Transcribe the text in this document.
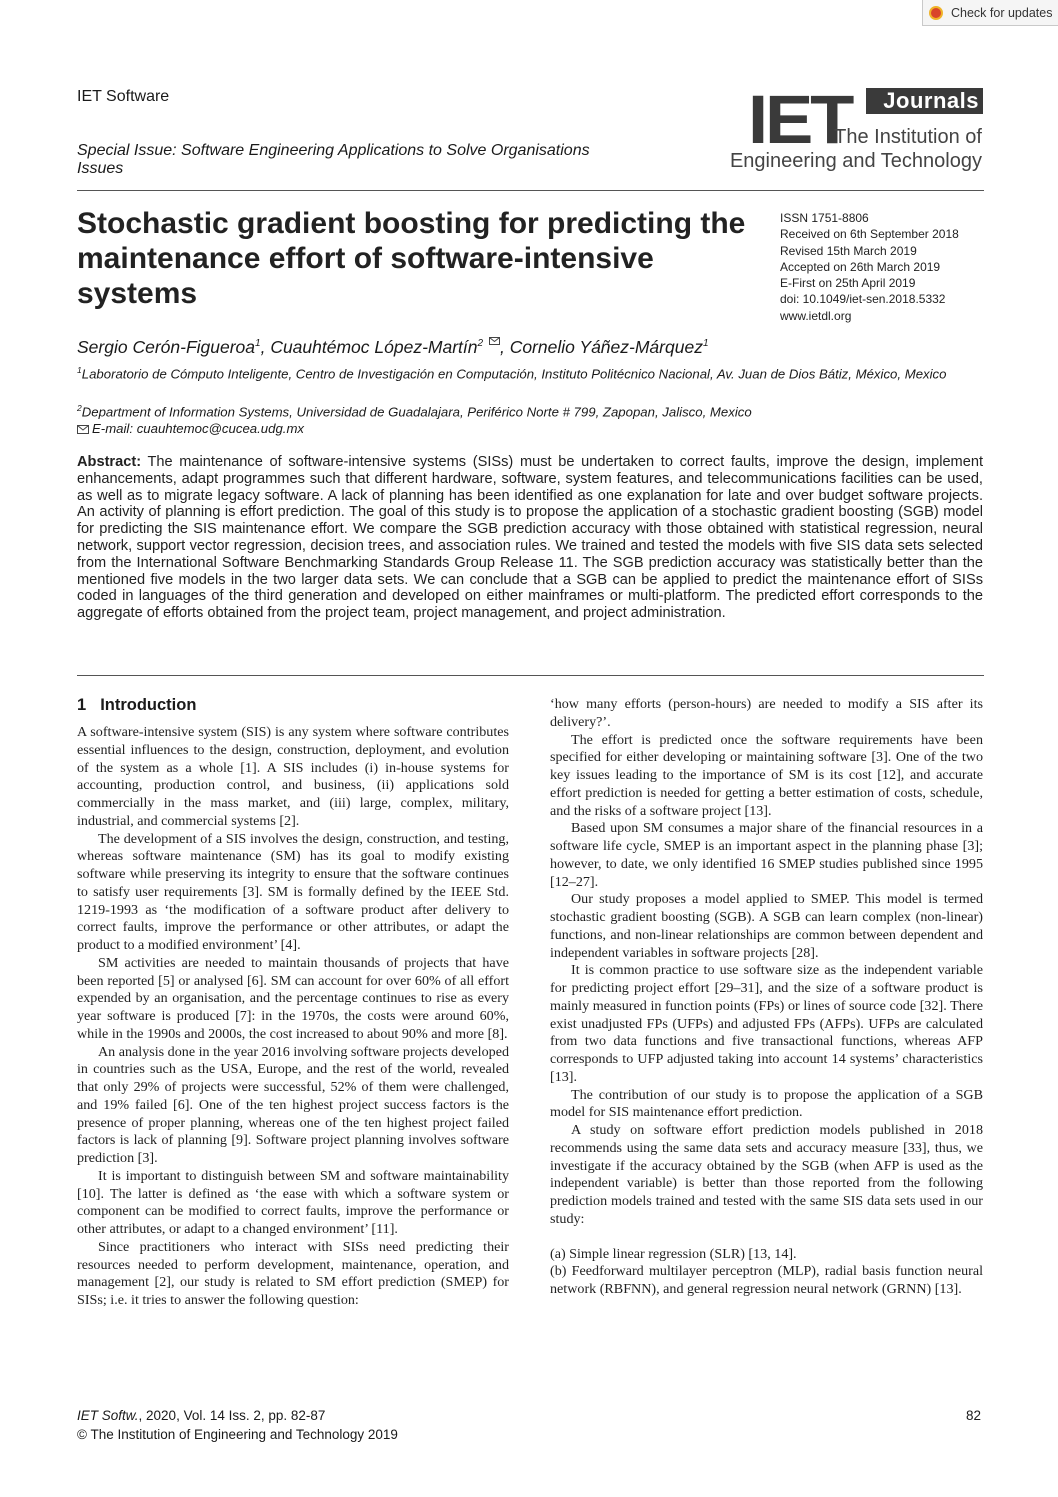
Check for updates
IET Software
Special Issue: Software Engineering Applications to Solve Organisations Issues
IET	Journals
The Institution of
Engineering and Technology
Stochastic gradient boosting for predicting the maintenance effort of software-intensive systems
ISSN 1751-8806
Received on 6th September 2018
Revised 15th March 2019
Accepted on 26th March 2019
E-First on 25th April 2019
doi: 10.1049/iet-sen.2018.5332
www.ietdl.org
Sergio Cerón-Figueroa$^1$, Cuauhtémoc López-Martín$^2$ , Cornelio Yáñez-Márquez$^1$
$^1$Laboratorio de Cómputo Inteligente, Centro de Investigación en Computación, Instituto Politécnico Nacional, Av. Juan de Dios Bátiz, México, Mexico
$^2$Department of Information Systems, Universidad de Guadalajara, Periférico Norte # 799, Zapopan, Jalisco, Mexico
E-mail: cuauhtemoc@cucea.udg.mx
Abstract: The maintenance of software-intensive systems (SISs) must be undertaken to correct faults, improve the design, implement enhancements, adapt programmes such that different hardware, software, system features, and telecommunications facilities can be used, as well as to migrate legacy software. A lack of planning has been identified as one explanation for late and over budget software projects. An activity of planning is effort prediction. The goal of this study is to propose the application of a stochastic gradient boosting (SGB) model for predicting the SIS maintenance effort. We compare the SGB prediction accuracy with those obtained with statistical regression, neural network, support vector regression, decision trees, and association rules. We trained and tested the models with five SIS data sets selected from the International Software Benchmarking Standards Group Release 11. The SGB prediction accuracy was statistically better than the mentioned five models in the two larger data sets. We can conclude that a SGB can be applied to predict the maintenance effort of SISs coded in languages of the third generation and developed on either mainframes or multi-platform. The predicted effort corresponds to the aggregate of efforts obtained from the project team, project management, and project administration.
1 Introduction

A software-intensive system (SIS) is any system where software contributes essential influences to the design, construction, deployment, and evolution of the system as a whole [1]. A SIS includes (i) in-house systems for accounting, production control, and business, (ii) applications sold commercially in the mass market, and (iii) large, complex, military, industrial, and commercial systems [2].

The development of a SIS involves the design, construction, and testing, whereas software maintenance (SM) has its goal to modify existing software while preserving its integrity to ensure that the software continues to satisfy user requirements [3]. SM is formally defined by the IEEE Std. 1219-1993 as ‘the modification of a software product after delivery to correct faults, improve the performance or other attributes, or adapt the product to a modified environment’ [4].

SM activities are needed to maintain thousands of projects that have been reported [5] or analysed [6]. SM can account for over 60% of all effort expended by an organisation, and the percentage continues to rise as every year software is produced [7]: in the 1970s, the costs were around 60%, while in the 1990s and 2000s, the cost increased to about 90% and more [8].

An analysis done in the year 2016 involving software projects developed in countries such as the USA, Europe, and the rest of the world, revealed that only 29% of projects were successful, 52% of them were challenged, and 19% failed [6]. One of the ten highest project success factors is the presence of proper planning, whereas one of the ten highest project failed factors is lack of planning [9]. Software project planning involves software prediction [3].

It is important to distinguish between SM and software maintainability [10]. The latter is defined as ‘the ease with which a software system or component can be modified to correct faults, improve the performance or other attributes, or adapt to a changed environment’ [11].

Since practitioners who interact with SISs need predicting their resources needed to perform development, maintenance, operation, and management [2], our study is related to SM effort prediction (SMEP) for SISs; i.e. it tries to answer the following question:

‘how many efforts (person-hours) are needed to modify a SIS after its delivery?’.

The effort is predicted once the software requirements have been specified for either developing or maintaining software [3]. One of the two key issues leading to the importance of SM is its cost [12], and accurate effort prediction is needed for getting a better estimation of costs, schedule, and the risks of a software project [13].

Based upon SM consumes a major share of the financial resources in a software life cycle, SMEP is an important aspect in the planning phase [3]; however, to date, we only identified 16 SMEP studies published since 1995 [12–27].

Our study proposes a model applied to SMEP. This model is termed stochastic gradient boosting (SGB). A SGB can learn complex (non-linear) functions, and non-linear relationships are common between dependent and independent variables in software projects [28].

It is common practice to use software size as the independent variable for predicting project effort [29–31], and the size of a software product is mainly measured in function points (FPs) or lines of source code [32]. There exist unadjusted FPs (UFPs) and adjusted FPs (AFPs). UFPs are calculated from two data functions and five transactional functions, whereas AFP corresponds to UFP adjusted taking into account 14 systems’ characteristics [13].

The contribution of our study is to propose the application of a SGB model for SIS maintenance effort prediction.

A study on software effort prediction models published in 2018 recommends using the same data sets and accuracy measure [33], thus, we investigate if the accuracy obtained by the SGB (when AFP is used as the independent variable) is better than those reported from the following prediction models trained and tested with the same SIS data sets used in our study:

(a) Simple linear regression (SLR) [13, 14].

(b) Feedforward multilayer perceptron (MLP), radial basis function neural network (RBFNN), and general regression neural network (GRNN) [13].

IET Softw., 2020, Vol. 14 Iss. 2, pp. 82-87
© The Institution of Engineering and Technology 2019
82
